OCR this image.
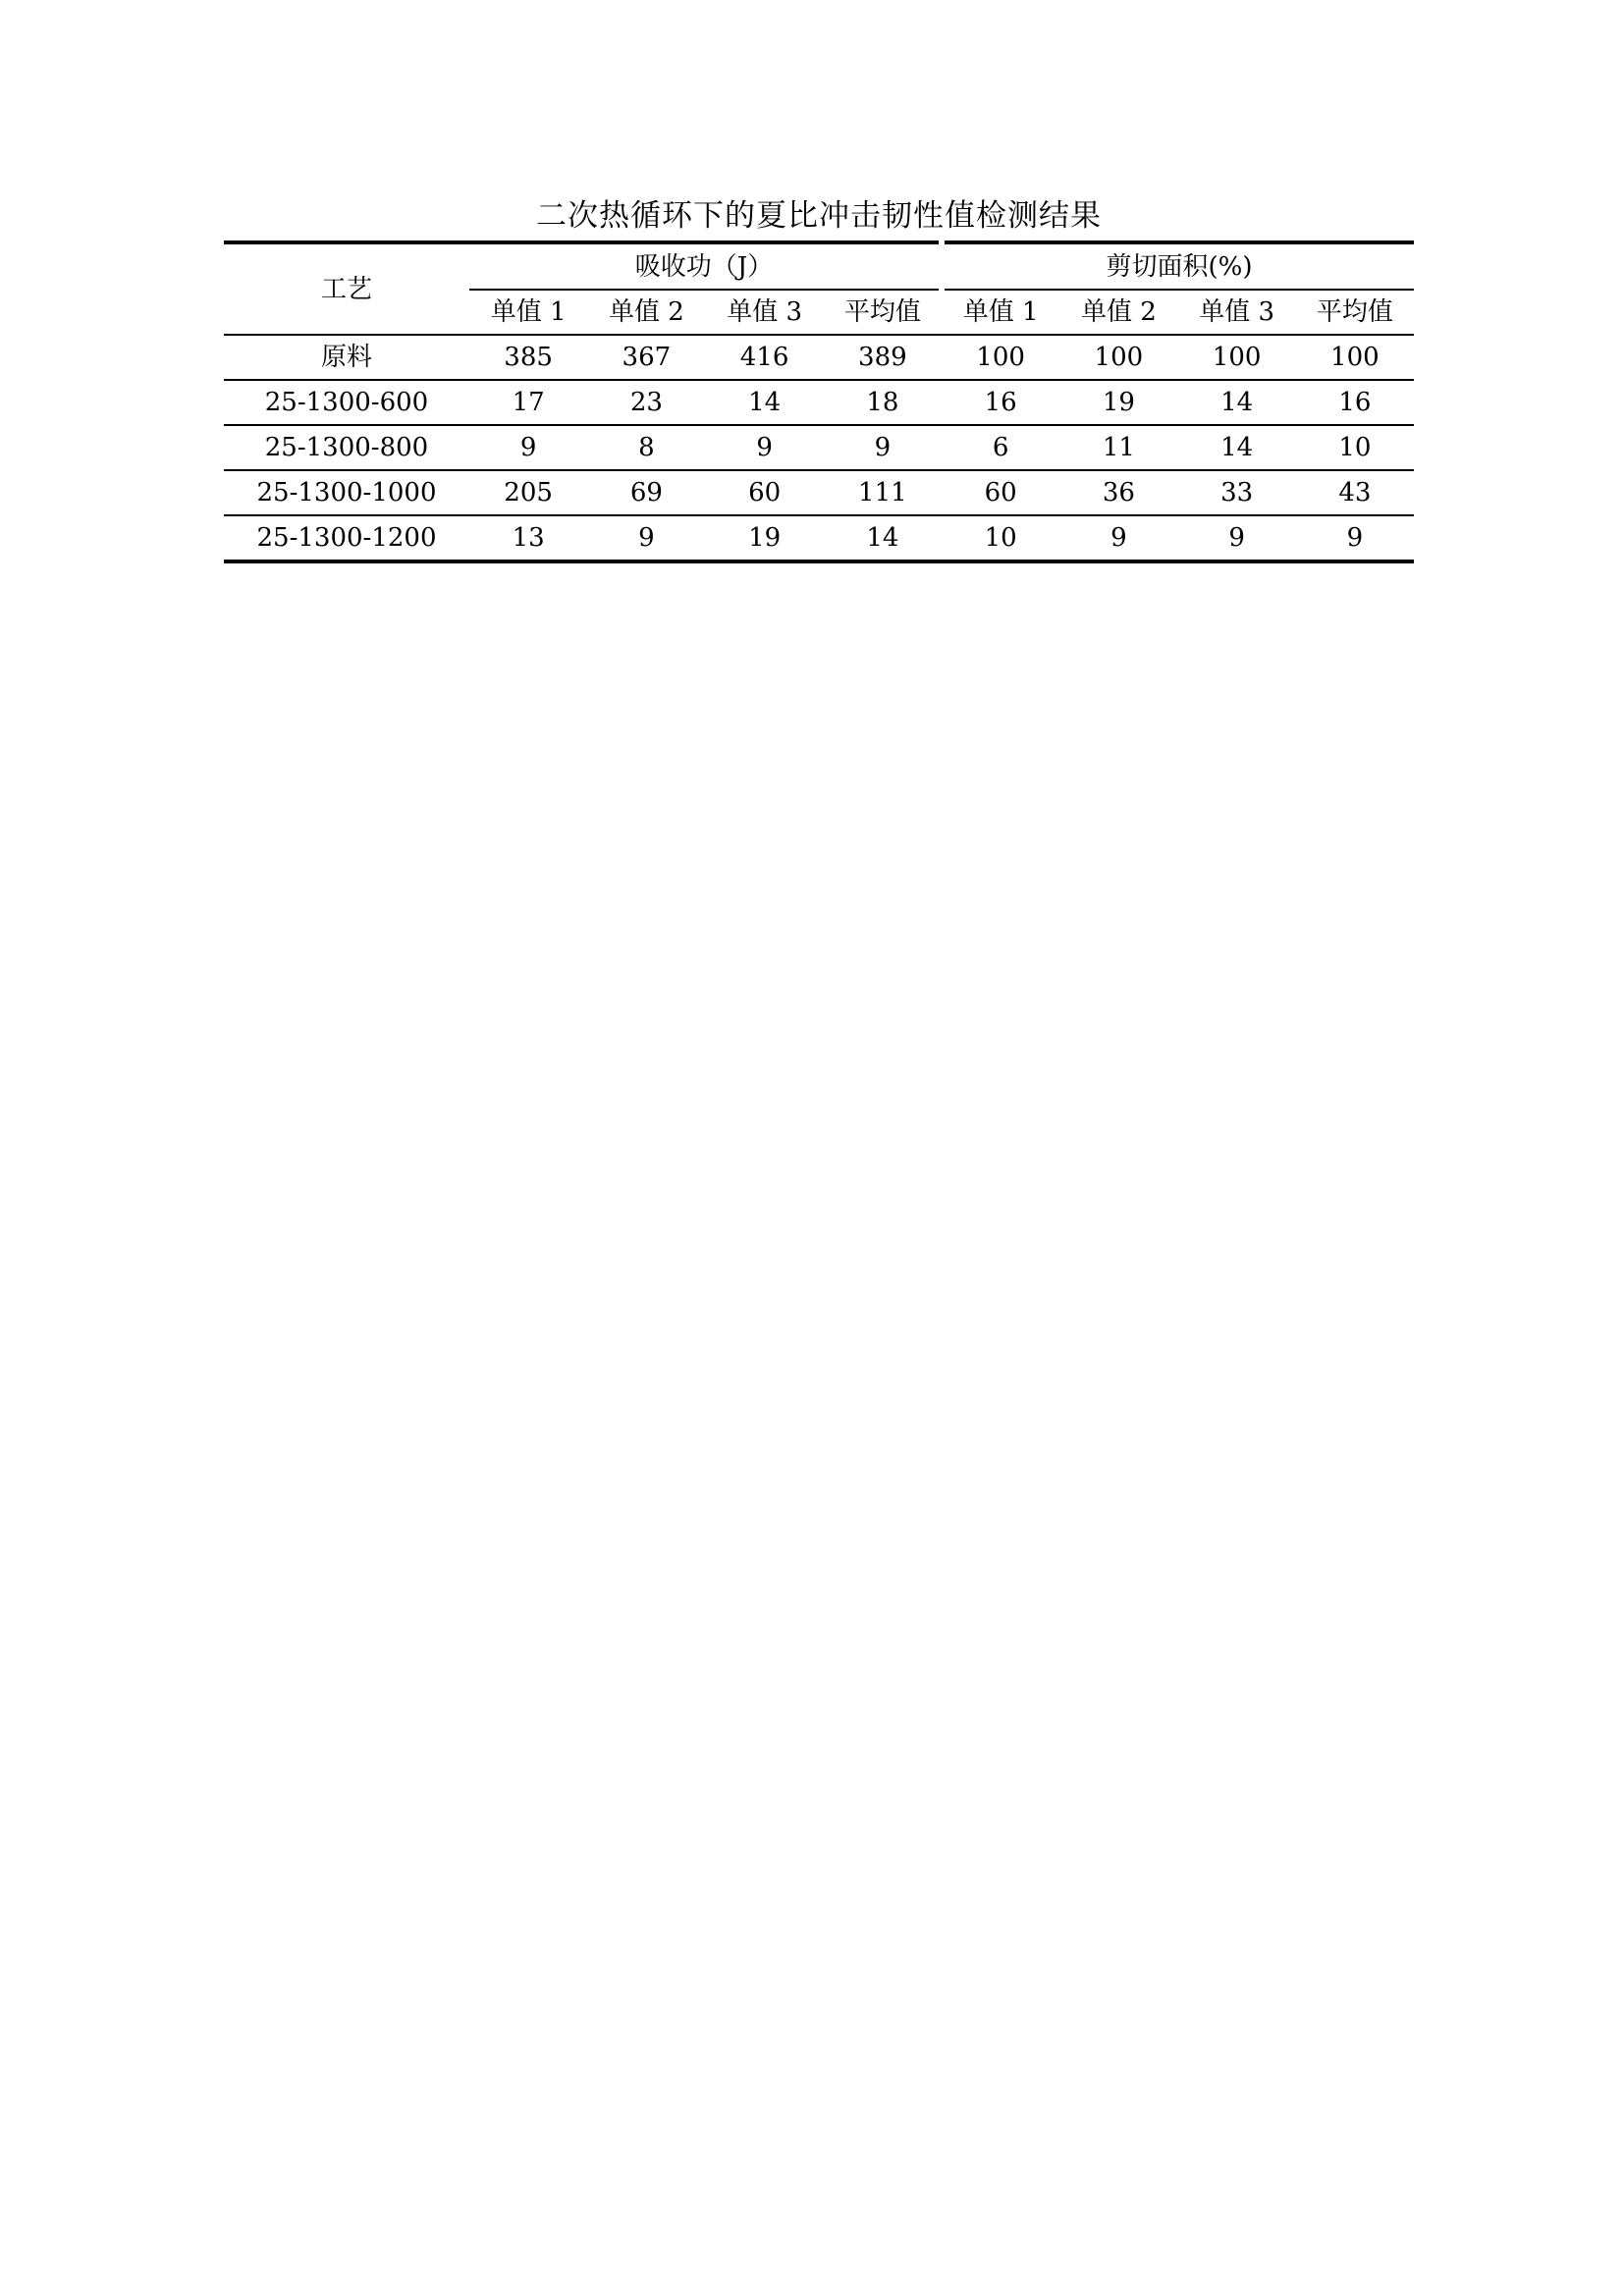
二次热循环下的夏比冲击韧性值检测结果
工艺	吸收功（J）				剪切面积(%)			
	单值 1	单值 2	单值 3	平均值	单值 1	单值 2	单值 3	平均值
原料	385	367	416	389	100	100	100	100
25-1300-600	17	23	14	18	16	19	14	16
25-1300-800	9	8	9	9	6	11	14	10
25-1300-1000	205	69	60	111	60	36	33	43
25-1300-1200	13	9	19	14	10	9	9	9
